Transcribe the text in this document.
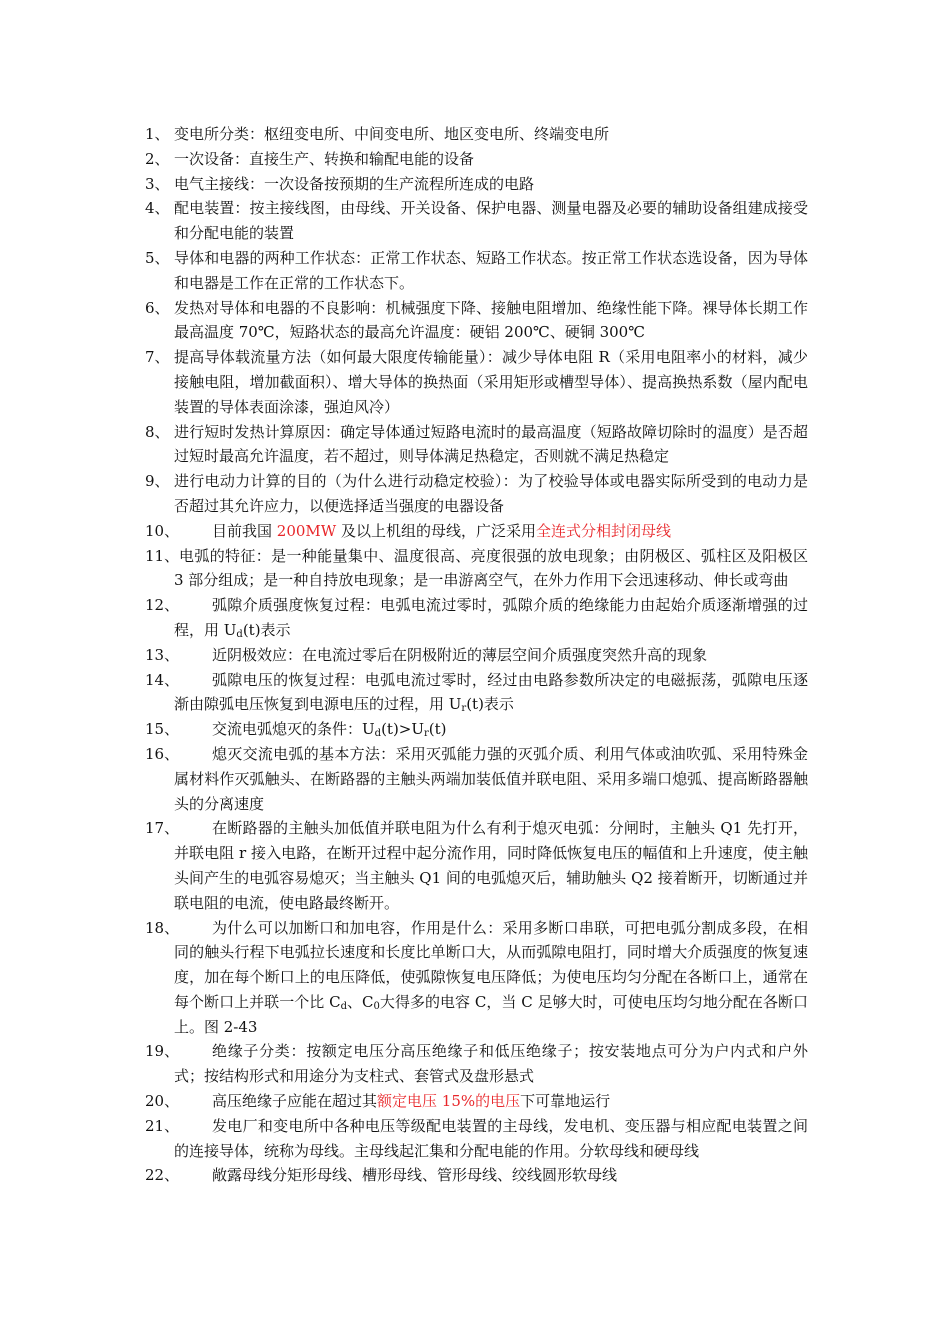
1、 变电所分类：枢纽变电所、中间变电所、地区变电所、终端变电所
2、 一次设备：直接生产、转换和输配电能的设备
3、 电气主接线：一次设备按预期的生产流程所连成的电路
4、 配电装置：按主接线图，由母线、开关设备、保护电器、测量电器及必要的辅助设备组建成接受和分配电能的装置
5、 导体和电器的两种工作状态：正常工作状态、短路工作状态。按正常工作状态选设备，因为导体和电器是工作在正常的工作状态下。
6、 发热对导体和电器的不良影响：机械强度下降、接触电阻增加、绝缘性能下降。裸导体长期工作最高温度 70℃，短路状态的最高允许温度：硬铝 200℃、硬铜 300℃
7、 提高导体载流量方法（如何最大限度传输能量）：减少导体电阻 R（采用电阻率小的材料，减少接触电阻，增加截面积）、增大导体的换热面（采用矩形或槽型导体）、提高换热系数（屋内配电装置的导体表面涂漆，强迫风冷）
8、 进行短时发热计算原因：确定导体通过短路电流时的最高温度（短路故障切除时的温度）是否超过短时最高允许温度，若不超过，则导体满足热稳定，否则就不满足热稳定
9、 进行电动力计算的目的（为什么进行动稳定校验）：为了校验导体或电器实际所受到的电动力是否超过其允许应力，以便选择适当强度的电器设备
10、	目前我国 200MW 及以上机组的母线，广泛采用全连式分相封闭母线
11、 电弧的特征：是一种能量集中、温度很高、亮度很强的放电现象；由阴极区、弧柱区及阳极区 3 部分组成；是一种自持放电现象；是一串游离空气，在外力作用下会迅速移动、伸长或弯曲
12、	弧隙介质强度恢复过程：电弧电流过零时，弧隙介质的绝缘能力由起始介质逐渐增强的过程，用 $U_d(t)$表示
13、	近阴极效应：在电流过零后在阴极附近的薄层空间介质强度突然升高的现象
14、	弧隙电压的恢复过程：电弧电流过零时，经过由电路参数所决定的电磁振荡，弧隙电压逐渐由隙弧电压恢复到电源电压的过程，用 $U_r(t)$表示
15、	交流电弧熄灭的条件：$U_d(t)>U_r(t)$
16、	熄灭交流电弧的基本方法：采用灭弧能力强的灭弧介质、利用气体或油吹弧、采用特殊金属材料作灭弧触头、在断路器的主触头两端加装低值并联电阻、采用多端口熄弧、提高断路器触头的分离速度
17、	在断路器的主触头加低值并联电阻为什么有利于熄灭电弧：分闸时，主触头 Q1 先打开，并联电阻 r 接入电路，在断开过程中起分流作用，同时降低恢复电压的幅值和上升速度，使主触头间产生的电弧容易熄灭；当主触头 Q1 间的电弧熄灭后，辅助触头 Q2 接着断开，切断通过并联电阻的电流，使电路最终断开。
18、	为什么可以加断口和加电容，作用是什么：采用多断口串联，可把电弧分割成多段，在相同的触头行程下电弧拉长速度和长度比单断口大，从而弧隙电阻打，同时增大介质强度的恢复速度，加在每个断口上的电压降低，使弧隙恢复电压降低；为使电压均匀分配在各断口上，通常在每个断口上并联一个比 $C_d$、$C_0$大得多的电容 C，当 C 足够大时，可使电压均匀地分配在各断口上。图 2-43
19、	绝缘子分类：按额定电压分高压绝缘子和低压绝缘子；按安装地点可分为户内式和户外式；按结构形式和用途分为支柱式、套管式及盘形悬式
20、	高压绝缘子应能在超过其额定电压 15%的电压下可靠地运行
21、	发电厂和变电所中各种电压等级配电装置的主母线，发电机、变压器与相应配电装置之间的连接导体，统称为母线。主母线起汇集和分配电能的作用。分软母线和硬母线
22、	敞露母线分矩形母线、槽形母线、管形母线、绞线圆形软母线
